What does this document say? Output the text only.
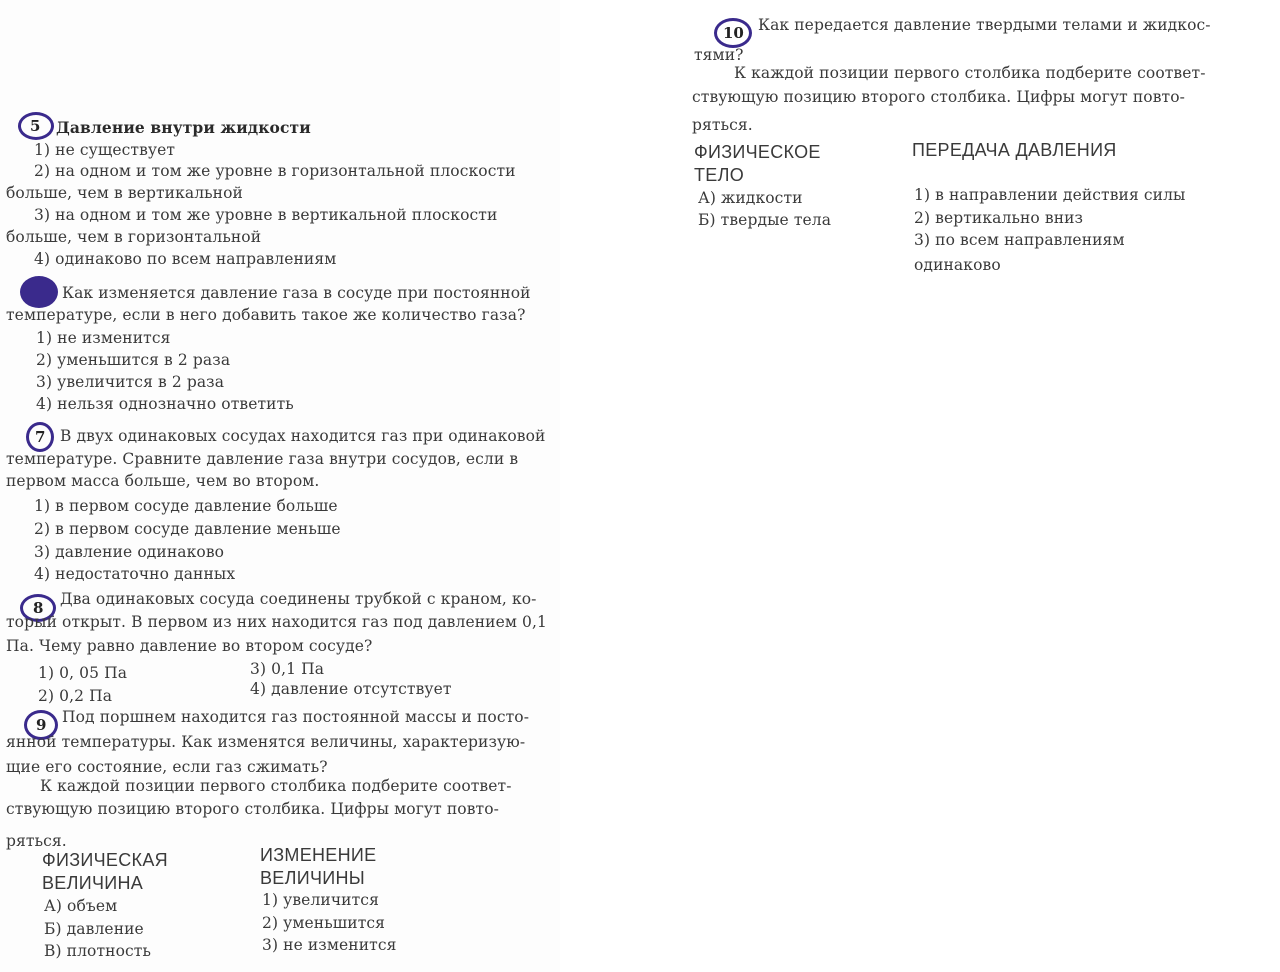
5 Давление внутри жидкости
1) не существует
2) на одном и том же уровне в горизонтальной плоскости
больше, чем в вертикальной
3) на одном и том же уровне в вертикальной плоскости
больше, чем в горизонтальной
4) одинаково по всем направлениям
Как изменяется давление газа в сосуде при постоянной
температуре, если в него добавить такое же количество газа?
1) не изменится
2) уменьшится в 2 раза
3) увеличится в 2 раза
4) нельзя однозначно ответить
7 В двух одинаковых сосудах находится газ при одинаковой
температуре. Сравните давление газа внутри сосудов, если в
первом масса больше, чем во втором.
1) в первом сосуде давление больше
2) в первом сосуде давление меньше
3) давление одинаково
4) недостаточно данных
8 Два одинаковых сосуда соединены трубкой с краном, ко-
торый открыт. В первом из них находится газ под давлением 0,1
Па. Чему равно давление во втором сосуде?
1) 0, 05 Па
2) 0,2 Па
3) 0,1 Па
4) давление отсутствует
9 Под поршнем находится газ постоянной массы и посто-
янной температуры. Как изменятся величины, характеризую-
щие его состояние, если газ сжимать?
К каждой позиции первого столбика подберите соответ-
ствующую позицию второго столбика. Цифры могут повто-
ряться.
ФИЗИЧЕСКАЯ
ВЕЛИЧИНА
ИЗМЕНЕНИЕ
ВЕЛИЧИНЫ
А) объем
Б) давление
В) плотность
1) увеличится
2) уменьшится
3) не изменится
10 Как передается давление твердыми телами и жидкос-
тями?
К каждой позиции первого столбика подберите соответ-
ствующую позицию второго столбика. Цифры могут повто-
ряться.
ФИЗИЧЕСКОЕ
ТЕЛО
ПЕРЕДАЧА ДАВЛЕНИЯ
А) жидкости
Б) твердые тела
1) в направлении действия силы
2) вертикально вниз
3) по всем направлениям
одинаково
